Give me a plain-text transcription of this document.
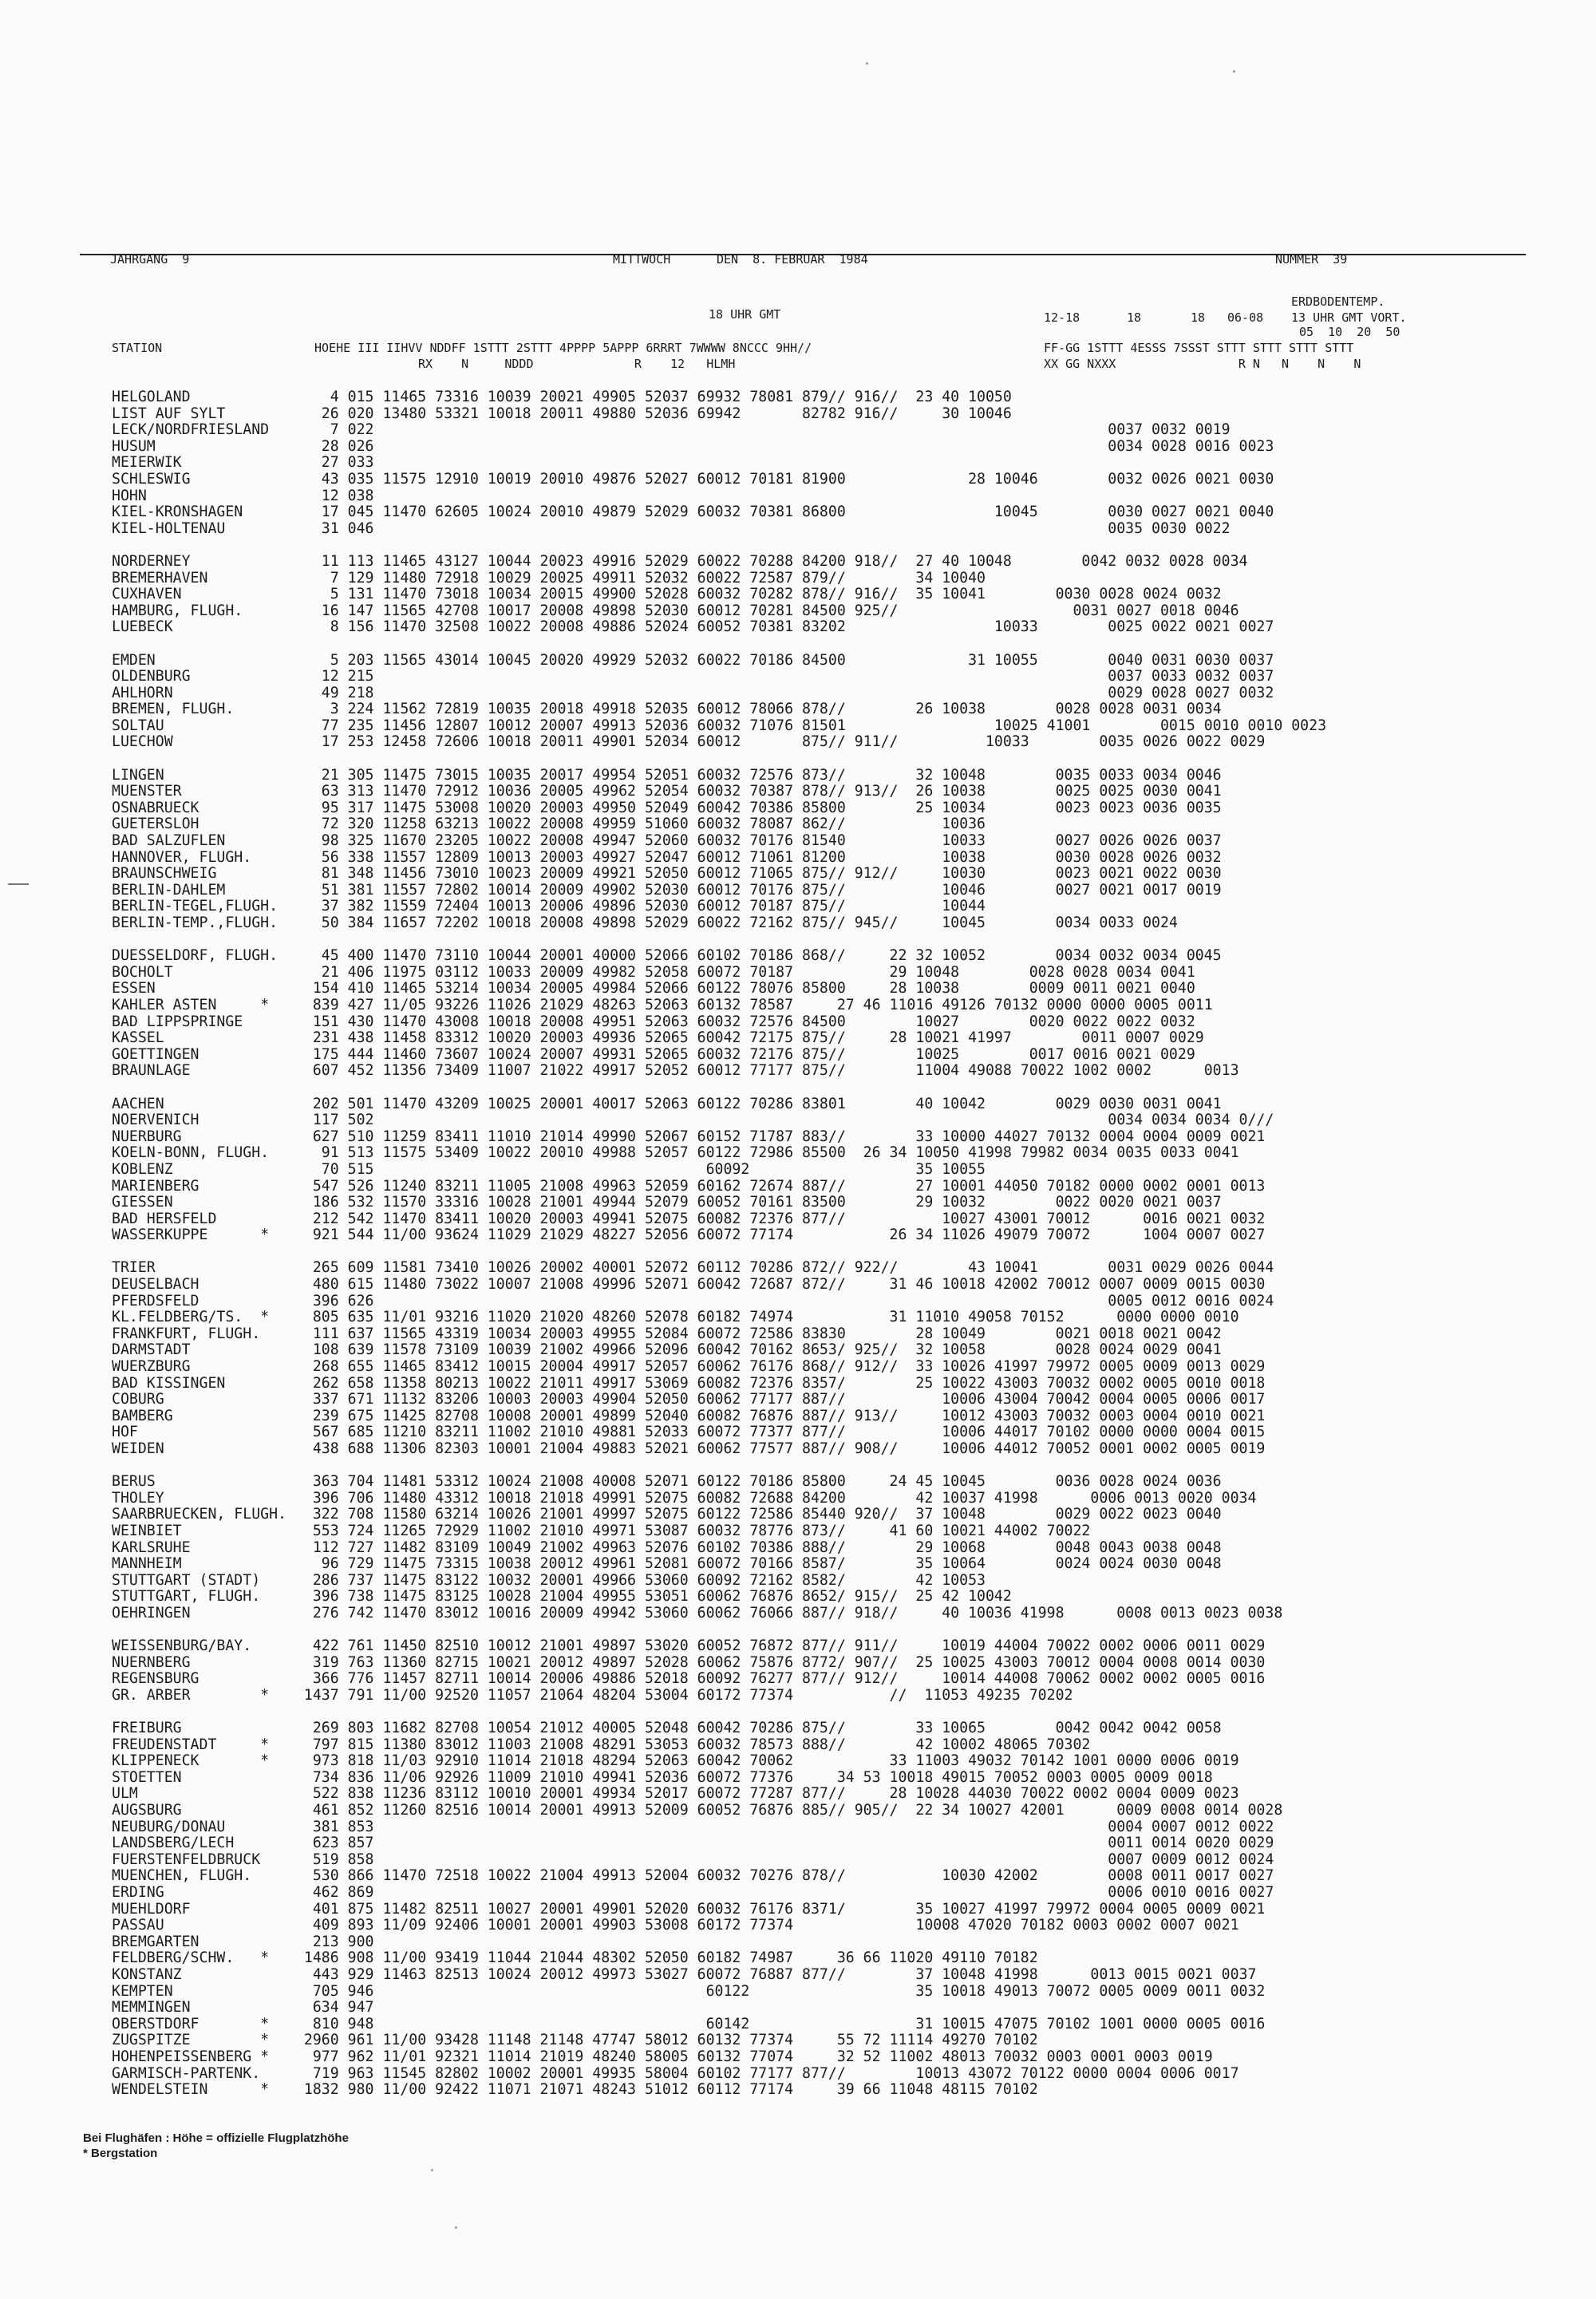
JAHRGANG  9	MITTWOCH	DEN  8. FEBRUAR  1984	NUMMER  39
ERDBODENTEMP.
18 UHR GMT	12-18	18	18 06-08 13 UHR GMT VORT.
05  10  20  50
STATION	HOEHE III IIHVV NDDFF 1STTT 2STTT 4PPPP 5APPP 6RRRT 7WWWW 8NCCC 9HH//
RX    N     NDDD              R    12   HLMH
FF-GG 1STTT 4ESSS 7SSST STTT STTT STTT STTT
XX GG NXXX                 R N   N    N    N
HELGOLAND                4 015 11465 73316 10039 20021 49905 52037 69932 78081 879// 916//  23 40 10050
LIST AUF SYLT           26 020 13480 53321 10018 20011 49880 52036 69942       82782 916//     30 10046
LECK/NORDFRIESLAND       7 022                                                                                    0037 0032 0019
HUSUM                   28 026                                                                                    0034 0028 0016 0023
MEIERWIK                27 033
SCHLESWIG               43 035 11575 12910 10019 20010 49876 52027 60012 70181 81900              28 10046        0032 0026 0021 0030
HOHN                    12 038
KIEL-KRONSHAGEN         17 045 11470 62605 10024 20010 49879 52029 60032 70381 86800                 10045        0030 0027 0021 0040
KIEL-HOLTENAU           31 046                                                                                    0035 0030 0022
NORDERNEY               11 113 11465 43127 10044 20023 49916 52029 60022 70288 84200 918//  27 40 10048        0042 0032 0028 0034
BREMERHAVEN              7 129 11480 72918 10029 20025 49911 52032 60022 72587 879//        34 10040
CUXHAVEN                 5 131 11470 73018 10034 20015 49900 52028 60032 70282 878// 916//  35 10041        0030 0028 0024 0032
HAMBURG, FLUGH.         16 147 11565 42708 10017 20008 49898 52030 60012 70281 84500 925//                    0031 0027 0018 0046
LUEBECK                  8 156 11470 32508 10022 20008 49886 52024 60052 70381 83202                 10033        0025 0022 0021 0027
EMDEN                    5 203 11565 43014 10045 20020 49929 52032 60022 70186 84500              31 10055        0040 0031 0030 0037
OLDENBURG               12 215                                                                                    0037 0033 0032 0037
AHLHORN                 49 218                                                                                    0029 0028 0027 0032
BREMEN, FLUGH.           3 224 11562 72819 10035 20018 49918 52035 60012 78066 878//        26 10038        0028 0028 0031 0034
SOLTAU                  77 235 11456 12807 10012 20007 49913 52036 60032 71076 81501                 10025 41001        0015 0010 0010 0023
LUECHOW                 17 253 12458 72606 10018 20011 49901 52034 60012       875// 911//          10033        0035 0026 0022 0029
LINGEN                  21 305 11475 73015 10035 20017 49954 52051 60032 72576 873//        32 10048        0035 0033 0034 0046
MUENSTER                63 313 11470 72912 10036 20005 49962 52054 60032 70387 878// 913//  26 10038        0025 0025 0030 0041
OSNABRUECK              95 317 11475 53008 10020 20003 49950 52049 60042 70386 85800        25 10034        0023 0023 0036 0035
GUETERSLOH              72 320 11258 63213 10022 20008 49959 51060 60032 78087 862//           10036
BAD SALZUFLEN           98 325 11670 23205 10022 20008 49947 52060 60032 70176 81540           10033        0027 0026 0026 0037
HANNOVER, FLUGH.        56 338 11557 12809 10013 20003 49927 52047 60012 71061 81200           10038        0030 0028 0026 0032
BRAUNSCHWEIG            81 348 11456 73010 10023 20009 49921 52050 60012 71065 875// 912//     10030        0023 0021 0022 0030
BERLIN-DAHLEM           51 381 11557 72802 10014 20009 49902 52030 60012 70176 875//           10046        0027 0021 0017 0019
BERLIN-TEGEL,FLUGH.     37 382 11559 72404 10013 20006 49896 52030 60012 70187 875//           10044
BERLIN-TEMP.,FLUGH.     50 384 11657 72202 10018 20008 49898 52029 60022 72162 875// 945//     10045        0034 0033 0024
DUESSELDORF, FLUGH.     45 400 11470 73110 10044 20001 40000 52066 60102 70186 868//     22 32 10052        0034 0032 0034 0045
BOCHOLT                 21 406 11975 03112 10033 20009 49982 52058 60072 70187           29 10048        0028 0028 0034 0041
ESSEN                  154 410 11465 53214 10034 20005 49984 52066 60122 78076 85800     28 10038        0009 0011 0021 0040
KAHLER ASTEN     *     839 427 11/05 93226 11026 21029 48263 52063 60132 78587     27 46 11016 49126 70132 0000 0000 0005 0011
BAD LIPPSPRINGE        151 430 11470 43008 10018 20008 49951 52063 60032 72576 84500        10027        0020 0022 0022 0032
KASSEL                 231 438 11458 83312 10020 20003 49936 52065 60042 72175 875//     28 10021 41997        0011 0007 0029
GOETTINGEN             175 444 11460 73607 10024 20007 49931 52065 60032 72176 875//        10025        0017 0016 0021 0029
BRAUNLAGE              607 452 11356 73409 11007 21022 49917 52052 60012 77177 875//        11004 49088 70022 1002 0002      0013
AACHEN                 202 501 11470 43209 10025 20001 40017 52063 60122 70286 83801        40 10042        0029 0030 0031 0041
NOERVENICH             117 502                                                                                    0034 0034 0034 0///
NUERBURG               627 510 11259 83411 11010 21014 49990 52067 60152 71787 883//        33 10000 44027 70132 0004 0004 0009 0021
KOELN-BONN, FLUGH.      91 513 11575 53409 10022 20010 49988 52057 60122 72986 85500  26 34 10050 41998 79982 0034 0035 0033 0041
KOBLENZ                 70 515                                      60092                   35 10055
MARIENBERG             547 526 11240 83211 11005 21008 49963 52059 60162 72674 887//        27 10001 44050 70182 0000 0002 0001 0013
GIESSEN                186 532 11570 33316 10028 21001 49944 52079 60052 70161 83500        29 10032        0022 0020 0021 0037
BAD HERSFELD           212 542 11470 83411 10020 20003 49941 52075 60082 72376 877//           10027 43001 70012      0016 0021 0032
WASSERKUPPE      *     921 544 11/00 93624 11029 21029 48227 52056 60072 77174           26 34 11026 49079 70072      1004 0007 0027
TRIER                  265 609 11581 73410 10026 20002 40001 52072 60112 70286 872// 922//        43 10041        0031 0029 0026 0044
DEUSELBACH             480 615 11480 73022 10007 21008 49996 52071 60042 72687 872//     31 46 10018 42002 70012 0007 0009 0015 0030
PFERDSFELD             396 626                                                                                    0005 0012 0016 0024
KL.FELDBERG/TS.  *     805 635 11/01 93216 11020 21020 48260 52078 60182 74974           31 11010 49058 70152      0000 0000 0010
FRANKFURT, FLUGH.      111 637 11565 43319 10034 20003 49955 52084 60072 72586 83830        28 10049        0021 0018 0021 0042
DARMSTADT              108 639 11578 73109 10039 21002 49966 52096 60042 70162 8653/ 925//  32 10058        0028 0024 0029 0041
WUERZBURG              268 655 11465 83412 10015 20004 49917 52057 60062 76176 868// 912//  33 10026 41997 79972 0005 0009 0013 0029
BAD KISSINGEN          262 658 11358 80213 10022 21011 49917 53069 60082 72376 8357/        25 10022 43003 70032 0002 0005 0010 0018
COBURG                 337 671 11132 83206 10003 20003 49904 52050 60062 77177 887//           10006 43004 70042 0004 0005 0006 0017
BAMBERG                239 675 11425 82708 10008 20001 49899 52040 60082 76876 887// 913//     10012 43003 70032 0003 0004 0010 0021
HOF                    567 685 11210 83211 11002 21010 49881 52033 60072 77377 877//           10006 44017 70102 0000 0000 0004 0015
WEIDEN                 438 688 11306 82303 10001 21004 49883 52021 60062 77577 887// 908//     10006 44012 70052 0001 0002 0005 0019
BERUS                  363 704 11481 53312 10024 21008 40008 52071 60122 70186 85800     24 45 10045        0036 0028 0024 0036
THOLEY                 396 706 11480 43312 10018 21018 49991 52075 60082 72688 84200        42 10037 41998      0006 0013 0020 0034
SAARBRUECKEN, FLUGH.   322 708 11580 63214 10026 21001 49997 52075 60122 72586 85440 920//  37 10048        0029 0022 0023 0040
WEINBIET               553 724 11265 72929 11002 21010 49971 53087 60032 78776 873//     41 60 10021 44002 70022
KARLSRUHE              112 727 11482 83109 10049 21002 49963 52076 60102 70386 888//        29 10068        0048 0043 0038 0048
MANNHEIM                96 729 11475 73315 10038 20012 49961 52081 60072 70166 8587/        35 10064        0024 0024 0030 0048
STUTTGART (STADT)      286 737 11475 83122 10032 20001 49966 53060 60092 72162 8582/        42 10053
STUTTGART, FLUGH.      396 738 11475 83125 10028 21004 49955 53051 60062 76876 8652/ 915//  25 42 10042
OEHRINGEN              276 742 11470 83012 10016 20009 49942 53060 60062 76066 887// 918//     40 10036 41998      0008 0013 0023 0038
WEISSENBURG/BAY.       422 761 11450 82510 10012 21001 49897 53020 60052 76872 877// 911//     10019 44004 70022 0002 0006 0011 0029
NUERNBERG              319 763 11360 82715 10021 20012 49897 52028 60062 75876 8772/ 907//  25 10025 43003 70012 0004 0008 0014 0030
REGENSBURG             366 776 11457 82711 10014 20006 49886 52018 60092 76277 877// 912//     10014 44008 70062 0002 0002 0005 0016
GR. ARBER        *    1437 791 11/00 92520 11057 21064 48204 53004 60172 77374           //  11053 49235 70202
FREIBURG               269 803 11682 82708 10054 21012 40005 52048 60042 70286 875//        33 10065        0042 0042 0042 0058
FREUDENSTADT     *     797 815 11380 83012 11003 21008 48291 53053 60032 78573 888//        42 10002 48065 70302
KLIPPENECK       *     973 818 11/03 92910 11014 21018 48294 52063 60042 70062           33 11003 49032 70142 1001 0000 0006 0019
STOETTEN               734 836 11/06 92926 11009 21010 49941 52036 60072 77376     34 53 10018 49015 70052 0003 0005 0009 0018
ULM                    522 838 11236 83112 10010 20001 49934 52017 60072 77287 877//     28 10028 44030 70022 0002 0004 0009 0023
AUGSBURG               461 852 11260 82516 10014 20001 49913 52009 60052 76876 885// 905//  22 34 10027 42001      0009 0008 0014 0028
NEUBURG/DONAU          381 853                                                                                    0004 0007 0012 0022
LANDSBERG/LECH         623 857                                                                                    0011 0014 0020 0029
FUERSTENFELDBRUCK      519 858                                                                                    0007 0009 0012 0024
MUENCHEN, FLUGH.       530 866 11470 72518 10022 21004 49913 52004 60032 70276 878//           10030 42002        0008 0011 0017 0027
ERDING                 462 869                                                                                    0006 0010 0016 0027
MUEHLDORF              401 875 11482 82511 10027 20001 49901 52020 60032 76176 8371/        35 10027 41997 79972 0004 0005 0009 0021
PASSAU                 409 893 11/09 92406 10001 20001 49903 53008 60172 77374              10008 47020 70182 0003 0002 0007 0021
BREMGARTEN             213 900
FELDBERG/SCHW.   *    1486 908 11/00 93419 11044 21044 48302 52050 60182 74987     36 66 11020 49110 70182
KONSTANZ               443 929 11463 82513 10024 20012 49973 53027 60072 76887 877//        37 10048 41998      0013 0015 0021 0037
KEMPTEN                705 946                                      60122                   35 10018 49013 70072 0005 0009 0011 0032
MEMMINGEN              634 947
OBERSTDORF       *     810 948                                      60142                   31 10015 47075 70102 1001 0000 0005 0016
ZUGSPITZE        *    2960 961 11/00 93428 11148 21148 47747 58012 60132 77374     55 72 11114 49270 70102
HOHENPEISSENBERG *     977 962 11/01 92321 11014 21019 48240 58005 60132 77074     32 52 11002 48013 70032 0003 0001 0003 0019
GARMISCH-PARTENK.      719 963 11545 82802 10002 20001 49935 58004 60102 77177 877//        10013 43072 70122 0000 0004 0006 0017
WENDELSTEIN      *    1832 980 11/00 92422 11071 21071 48243 51012 60112 77174     39 66 11048 48115 70102
Bei Flughäfen : Höhe = offizielle Flugplatzhöhe
* Bergstation
